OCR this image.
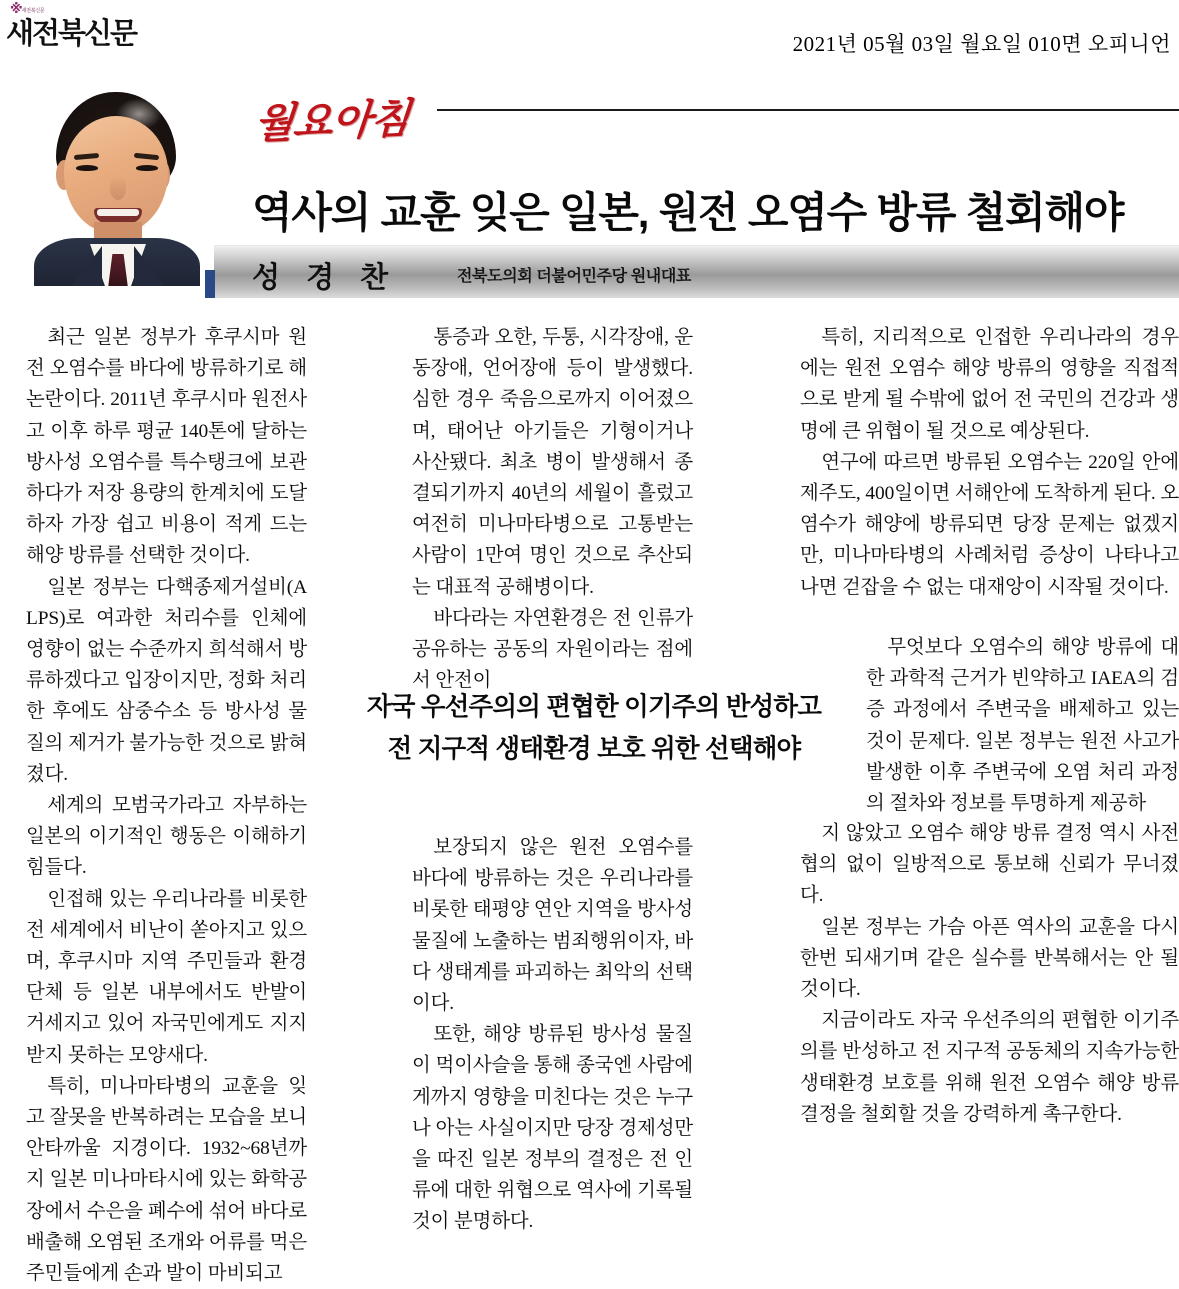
※새전북신문
새전북신문	2021년 05월 03일 월요일 010면 오피니언
월요아침
역사의 교훈 잊은 일본, 원전 오염수 방류 철회해야
성 경 찬	전북도의회 더불어민주당 원내대표

최근 일본 정부가 후쿠시마 원전 오염수를 바다에 방류하기로 해 논란이다. 2011년 후쿠시마 원전사고 이후 하루 평균 140톤에 달하는 방사성 오염수를 특수탱크에 보관하다가 저장 용량의 한계치에 도달하자 가장 쉽고 비용이 적게 드는 해양 방류를 선택한 것이다.

일본 정부는 다핵종제거설비(ALPS)로 여과한 처리수를 인체에 영향이 없는 수준까지 희석해서 방류하겠다고 입장이지만, 정화 처리한 후에도 삼중수소 등 방사성 물질의 제거가 불가능한 것으로 밝혀졌다.

세계의 모범국가라고 자부하는 일본의 이기적인 행동은 이해하기 힘들다.

인접해 있는 우리나라를 비롯한 전 세계에서 비난이 쏟아지고 있으며, 후쿠시마 지역 주민들과 환경단체 등 일본 내부에서도 반발이 거세지고 있어 자국민에게도 지지받지 못하는 모양새다.

특히, 미나마타병의 교훈을 잊고 잘못을 반복하려는 모습을 보니 안타까울 지경이다. 1932~68년까지 일본 미나마타시에 있는 화학공장에서 수은을 폐수에 섞어 바다로 배출해 오염된 조개와 어류를 먹은 주민들에게 손과 발이 마비되고

통증과 오한, 두통, 시각장애, 운동장애, 언어장애 등이 발생했다. 심한 경우 죽음으로까지 이어졌으며, 태어난 아기들은 기형이거나 사산됐다. 최초 병이 발생해서 종결되기까지 40년의 세월이 흘렀고 여전히 미나마타병으로 고통받는 사람이 1만여 명인 것으로 추산되는 대표적 공해병이다.

바다라는 자연환경은 전 인류가 공유하는 공동의 자원이라는 점에서 안전이

보장되지 않은 원전 오염수를 바다에 방류하는 것은 우리나라를 비롯한 태평양 연안 지역을 방사성 물질에 노출하는 범죄행위이자, 바다 생태계를 파괴하는 최악의 선택이다.

또한, 해양 방류된 방사성 물질이 먹이사슬을 통해 종국엔 사람에게까지 영향을 미친다는 것은 누구나 아는 사실이지만 당장 경제성만을 따진 일본 정부의 결정은 전 인류에 대한 위협으로 역사에 기록될 것이 분명하다.

특히, 지리적으로 인접한 우리나라의 경우에는 원전 오염수 해양 방류의 영향을 직접적으로 받게 될 수밖에 없어 전 국민의 건강과 생명에 큰 위협이 될 것으로 예상된다.

연구에 따르면 방류된 오염수는 220일 안에 제주도, 400일이면 서해안에 도착하게 된다. 오염수가 해양에 방류되면 당장 문제는 없겠지만, 미나마타병의 사례처럼 증상이 나타나고 나면 걷잡을 수 없는 대재앙이 시작될 것이다.

무엇보다 오염수의 해양 방류에 대한 과학적 근거가 빈약하고 IAEA의 검증 과정에서 주변국을 배제하고 있는 것이 문제다. 일본 정부는 원전 사고가 발생한 이후 주변국에 오염 처리 과정의 절차와 정보를 투명하게 제공하

지 않았고 오염수 해양 방류 결정 역시 사전협의 없이 일방적으로 통보해 신뢰가 무너졌다.

일본 정부는 가슴 아픈 역사의 교훈을 다시 한번 되새기며 같은 실수를 반복해서는 안 될 것이다.

지금이라도 자국 우선주의의 편협한 이기주의를 반성하고 전 지구적 공동체의 지속가능한 생태환경 보호를 위해 원전 오염수 해양 방류 결정을 철회할 것을 강력하게 촉구한다.

자국 우선주의의 편협한 이기주의 반성하고
전 지구적 생태환경 보호 위한 선택해야
